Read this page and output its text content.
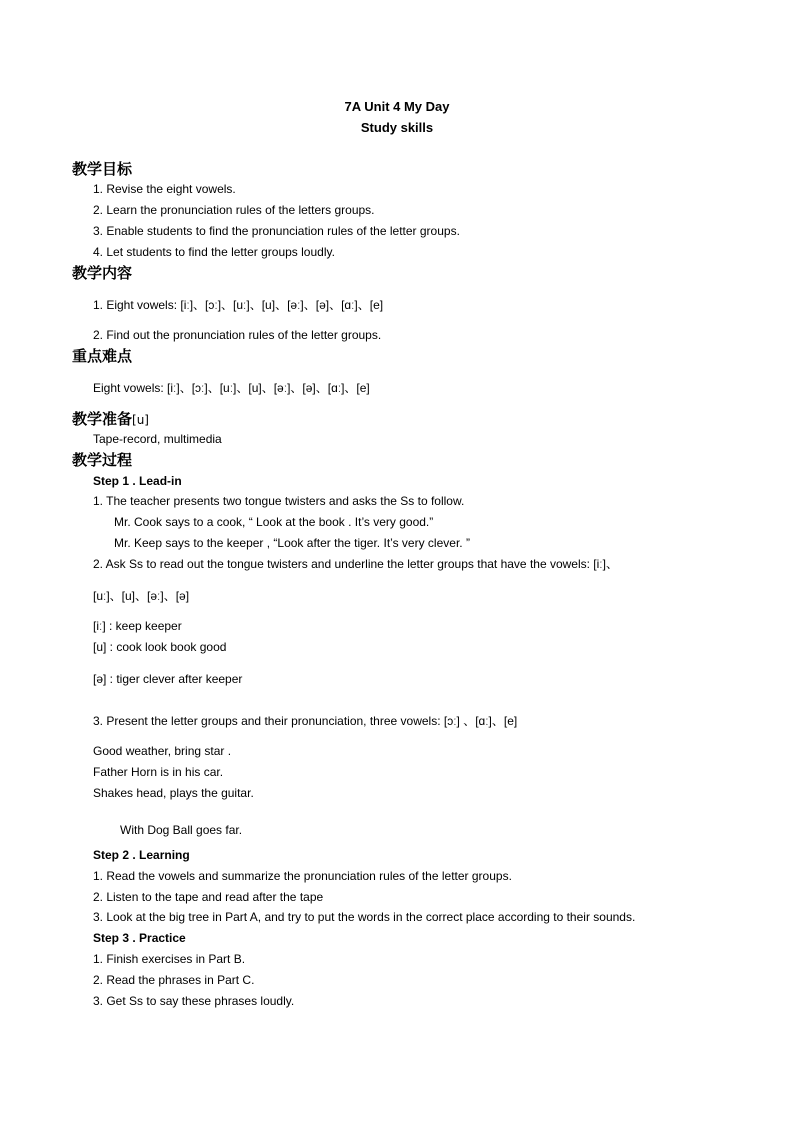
7A Unit 4 My Day
Study skills
教学目标
1. Revise the eight vowels.
2. Learn the pronunciation rules of the letters groups.
3. Enable students to find the pronunciation rules of the letter groups.
4. Let students to find the letter groups loudly.
教学内容
1. Eight vowels: [iː]、[ɔː]、[uː]、[u]、[əː]、[ə]、[ɑː]、[e]
2. Find out the pronunciation rules of the letter groups.
重点难点
Eight vowels: [iː]、[ɔː]、[uː]、[u]、[əː]、[ə]、[ɑː]、[e]
教学准备[u]
Tape-record, multimedia
教学过程
Step 1 . Lead-in
1. The teacher presents two tongue twisters and asks the Ss to follow.
Mr. Cook says to a cook, “ Look at the book . It’s very good.”
Mr. Keep says to the keeper , “Look after the tiger. It’s very clever. ”
2. Ask Ss to read out the tongue twisters and underline the letter groups that have the vowels: [iː]、
[uː]、[u]、[əː]、[ə]
[iː] : keep keeper
[u] : cook look book good
[ə] : tiger clever after keeper
3. Present the letter groups and their pronunciation, three vowels: [ɔː] 、[ɑː]、[e]
Good weather, bring star .
Father Horn is in his car.
Shakes head, plays the guitar.
With Dog Ball goes far.
Step 2 . Learning
1. Read the vowels and summarize the pronunciation rules of the letter groups.
2. Listen to the tape and read after the tape
3. Look at the big tree in Part A, and try to put the words in the correct place according to their sounds.
Step 3 . Practice
1. Finish exercises in Part B.
2. Read the phrases in Part C.
3. Get Ss to say these phrases loudly.
